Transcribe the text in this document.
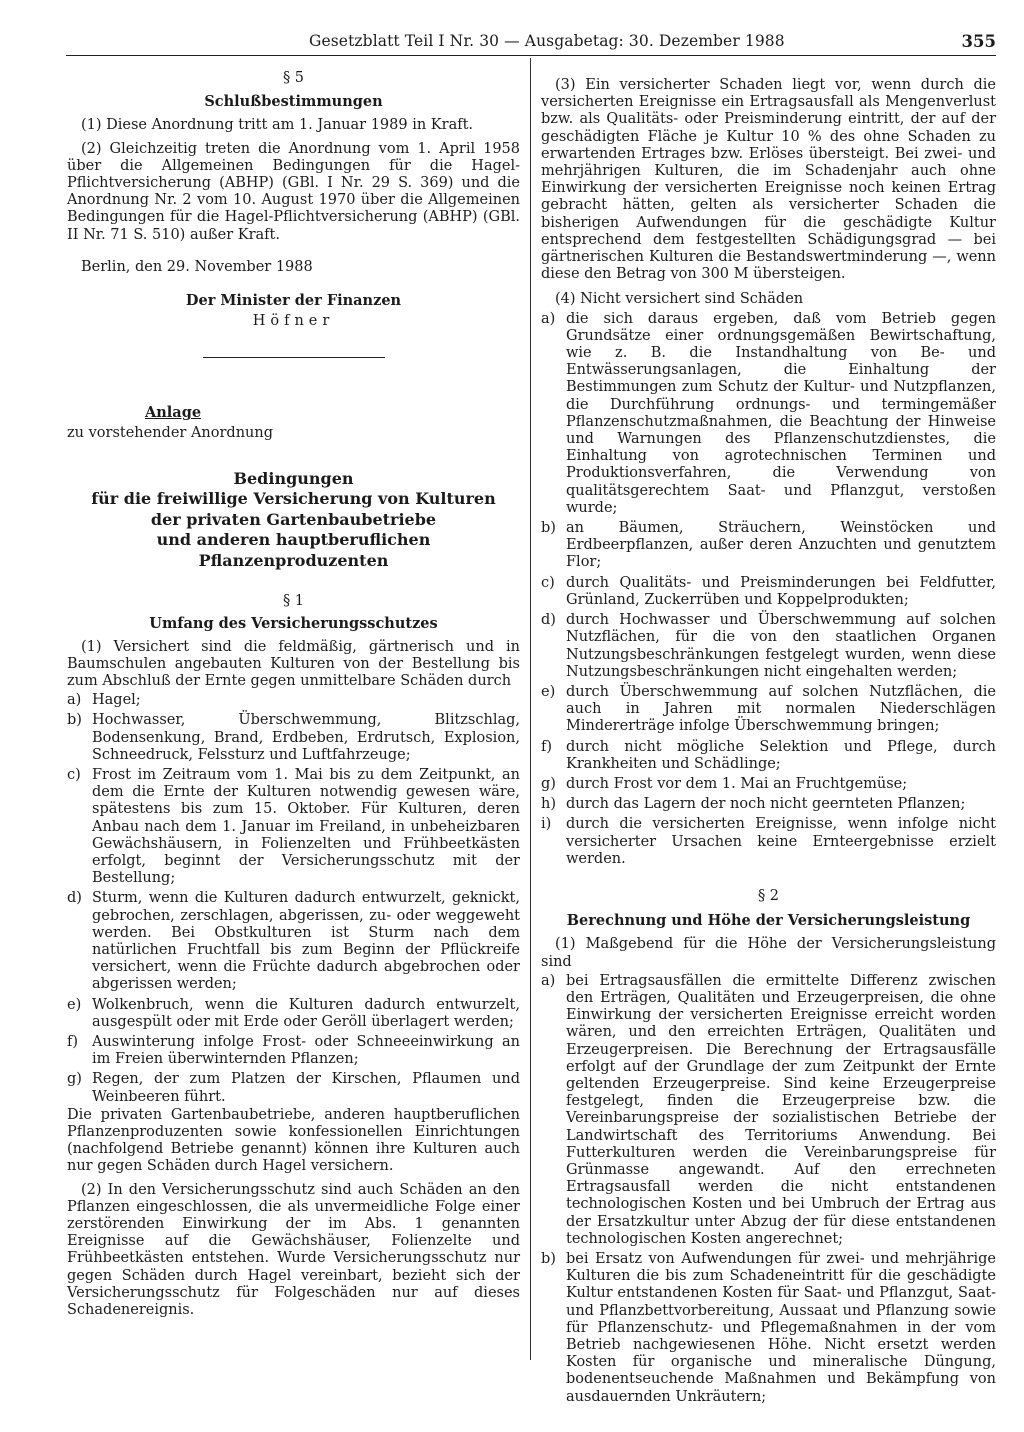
Gesetzblatt Teil I Nr. 30 — Ausgabetag: 30. Dezember 1988	355
§ 5
Schlußbestimmungen

(1) Diese Anordnung tritt am 1. Januar 1989 in Kraft.

(2) Gleichzeitig treten die Anordnung vom 1. April 1958 über die Allgemeinen Bedingungen für die Hagel-Pflichtversicherung (ABHP) (GBl. I Nr. 29 S. 369) und die Anordnung Nr. 2 vom 10. August 1970 über die Allgemeinen Bedingungen für die Hagel-Pflichtversicherung (ABHP) (GBl. II Nr. 71 S. 510) außer Kraft.

Berlin, den 29. November 1988

Der Minister der Finanzen
Höfner
Anlage

zu vorstehender Anordnung

Bedingungen
für die freiwillige Versicherung von Kulturen
der privaten Gartenbaubetriebe
und anderen hauptberuflichen Pflanzenproduzenten
§ 1
Umfang des Versicherungsschutzes

(1) Versichert sind die feldmäßig, gärtnerisch und in Baumschulen angebauten Kulturen von der Bestellung bis zum Abschluß der Ernte gegen unmittelbare Schäden durch

a) Hagel;
b) Hochwasser, Überschwemmung, Blitzschlag, Bodensenkung, Brand, Erdbeben, Erdrutsch, Explosion, Schneedruck, Felssturz und Luftfahrzeuge;
c) Frost im Zeitraum vom 1. Mai bis zu dem Zeitpunkt, an dem die Ernte der Kulturen notwendig gewesen wäre, spätestens bis zum 15. Oktober. Für Kulturen, deren Anbau nach dem 1. Januar im Freiland, in unbeheizbaren Gewächshäusern, in Folienzelten und Frühbeetkästen erfolgt, beginnt der Versicherungsschutz mit der Bestellung;
d) Sturm, wenn die Kulturen dadurch entwurzelt, geknickt, gebrochen, zerschlagen, abgerissen, zu- oder weggeweht werden. Bei Obstkulturen ist Sturm nach dem natürlichen Fruchtfall bis zum Beginn der Pflückreife versichert, wenn die Früchte dadurch abgebrochen oder abgerissen werden;
e) Wolkenbruch, wenn die Kulturen dadurch entwurzelt, ausgespült oder mit Erde oder Geröll überlagert werden;
f) Auswinterung infolge Frost- oder Schneeeinwirkung an im Freien überwinternden Pflanzen;
g) Regen, der zum Platzen der Kirschen, Pflaumen und Weinbeeren führt.

Die privaten Gartenbaubetriebe, anderen hauptberuflichen Pflanzenproduzenten sowie konfessionellen Einrichtungen (nachfolgend Betriebe genannt) können ihre Kulturen auch nur gegen Schäden durch Hagel versichern.

(2) In den Versicherungsschutz sind auch Schäden an den Pflanzen eingeschlossen, die als unvermeidliche Folge einer zerstörenden Einwirkung der im Abs. 1 genannten Ereignisse auf die Gewächshäuser, Folienzelte und Frühbeetkästen entstehen. Wurde Versicherungsschutz nur gegen Schäden durch Hagel vereinbart, bezieht sich der Versicherungsschutz für Folgeschäden nur auf dieses Schadenereignis.

(3) Ein versicherter Schaden liegt vor, wenn durch die versicherten Ereignisse ein Ertragsausfall als Mengenverlust bzw. als Qualitäts- oder Preisminderung eintritt, der auf der geschädigten Fläche je Kultur 10 % des ohne Schaden zu erwartenden Ertrages bzw. Erlöses übersteigt. Bei zwei- und mehrjährigen Kulturen, die im Schadenjahr auch ohne Einwirkung der versicherten Ereignisse noch keinen Ertrag gebracht hätten, gelten als versicherter Schaden die bisherigen Aufwendungen für die geschädigte Kultur entsprechend dem festgestellten Schädigungsgrad — bei gärtnerischen Kulturen die Bestandswertminderung —, wenn diese den Betrag von 300 M übersteigen.

(4) Nicht versichert sind Schäden

a) die sich daraus ergeben, daß vom Betrieb gegen Grundsätze einer ordnungsgemäßen Bewirtschaftung, wie z. B. die Instandhaltung von Be- und Entwässerungsanlagen, die Einhaltung der Bestimmungen zum Schutz der Kultur- und Nutzpflanzen, die Durchführung ordnungs- und termingemäßer Pflanzenschutzmaßnahmen, die Beachtung der Hinweise und Warnungen des Pflanzenschutzdienstes, die Einhaltung von agrotechnischen Terminen und Produktionsverfahren, die Verwendung von qualitätsgerechtem Saat- und Pflanzgut, verstoßen wurde;
b) an Bäumen, Sträuchern, Weinstöcken und Erdbeerpflanzen, außer deren Anzuchten und genutztem Flor;
c) durch Qualitäts- und Preisminderungen bei Feldfutter, Grünland, Zuckerrüben und Koppelprodukten;
d) durch Hochwasser und Überschwemmung auf solchen Nutzflächen, für die von den staatlichen Organen Nutzungsbeschränkungen festgelegt wurden, wenn diese Nutzungsbeschränkungen nicht eingehalten werden;
e) durch Überschwemmung auf solchen Nutzflächen, die auch in Jahren mit normalen Niederschlägen Mindererträge infolge Überschwemmung bringen;
f) durch nicht mögliche Selektion und Pflege, durch Krankheiten und Schädlinge;
g) durch Frost vor dem 1. Mai an Fruchtgemüse;
h) durch das Lagern der noch nicht geernteten Pflanzen;
i) durch die versicherten Ereignisse, wenn infolge nicht versicherter Ursachen keine Ernteergebnisse erzielt werden.
§ 2
Berechnung und Höhe der Versicherungsleistung

(1) Maßgebend für die Höhe der Versicherungsleistung sind

a) bei Ertragsausfällen die ermittelte Differenz zwischen den Erträgen, Qualitäten und Erzeugerpreisen, die ohne Einwirkung der versicherten Ereignisse erreicht worden wären, und den erreichten Erträgen, Qualitäten und Erzeugerpreisen. Die Berechnung der Ertragsausfälle erfolgt auf der Grundlage der zum Zeitpunkt der Ernte geltenden Erzeugerpreise. Sind keine Erzeugerpreise festgelegt, finden die Erzeugerpreise bzw. die Vereinbarungspreise der sozialistischen Betriebe der Landwirtschaft des Territoriums Anwendung. Bei Futterkulturen werden die Vereinbarungspreise für Grünmasse angewandt. Auf den errechneten Ertragsausfall werden die nicht entstandenen technologischen Kosten und bei Umbruch der Ertrag aus der Ersatzkultur unter Abzug der für diese entstandenen technologischen Kosten angerechnet;
b) bei Ersatz von Aufwendungen für zwei- und mehrjährige Kulturen die bis zum Schadeneintritt für die geschädigte Kultur entstandenen Kosten für Saat- und Pflanzgut, Saat- und Pflanzbettvorbereitung, Aussaat und Pflanzung sowie für Pflanzenschutz- und Pflegemaßnahmen in der vom Betrieb nachgewiesenen Höhe. Nicht ersetzt werden Kosten für organische und mineralische Düngung, bodenentseuchende Maßnahmen und Bekämpfung von ausdauernden Unkräutern;
